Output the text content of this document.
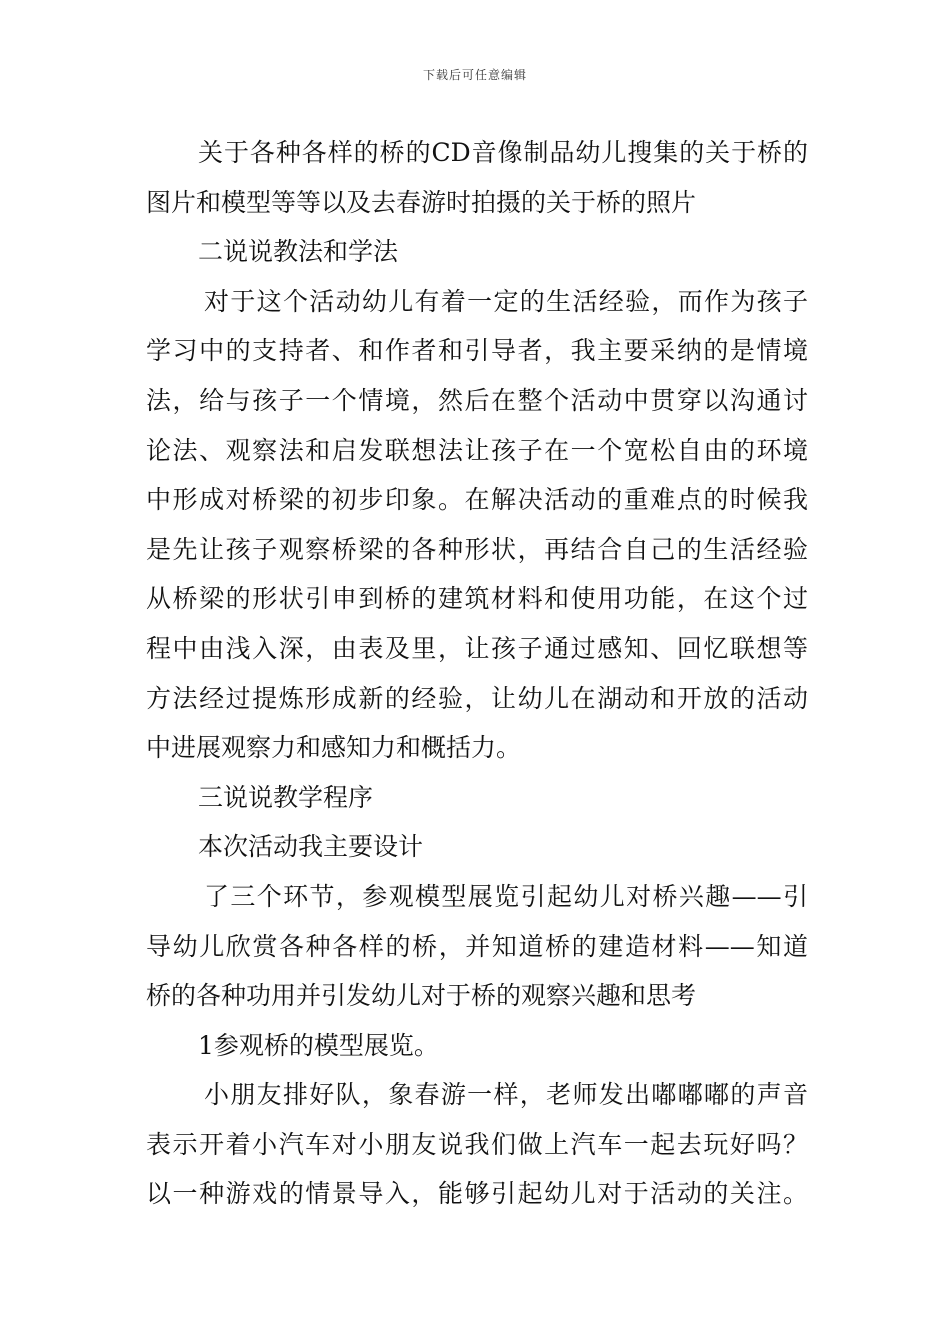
下载后可任意编辑
关于各种各样的桥的CD音像制品幼儿搜集的关于桥的
图片和模型等等以及去春游时拍摄的关于桥的照片
二说说教法和学法
对于这个活动幼儿有着一定的生活经验，而作为孩子
学习中的支持者、和作者和引导者，我主要采纳的是情境
法，给与孩子一个情境，然后在整个活动中贯穿以沟通讨
论法、观察法和启发联想法让孩子在一个宽松自由的环境
中形成对桥梁的初步印象。在解决活动的重难点的时候我
是先让孩子观察桥梁的各种形状，再结合自己的生活经验
从桥梁的形状引申到桥的建筑材料和使用功能，在这个过
程中由浅入深，由表及里，让孩子通过感知、回忆联想等
方法经过提炼形成新的经验，让幼儿在湖动和开放的活动
中进展观察力和感知力和概括力。
三说说教学程序
本次活动我主要设计
了三个环节，参观模型展览引起幼儿对桥兴趣——引
导幼儿欣赏各种各样的桥，并知道桥的建造材料——知道
桥的各种功用并引发幼儿对于桥的观察兴趣和思考
1参观桥的模型展览。
小朋友排好队，象春游一样，老师发出嘟嘟嘟的声音
表示开着小汽车对小朋友说我们做上汽车一起去玩好吗？
以一种游戏的情景导入，能够引起幼儿对于活动的关注。
